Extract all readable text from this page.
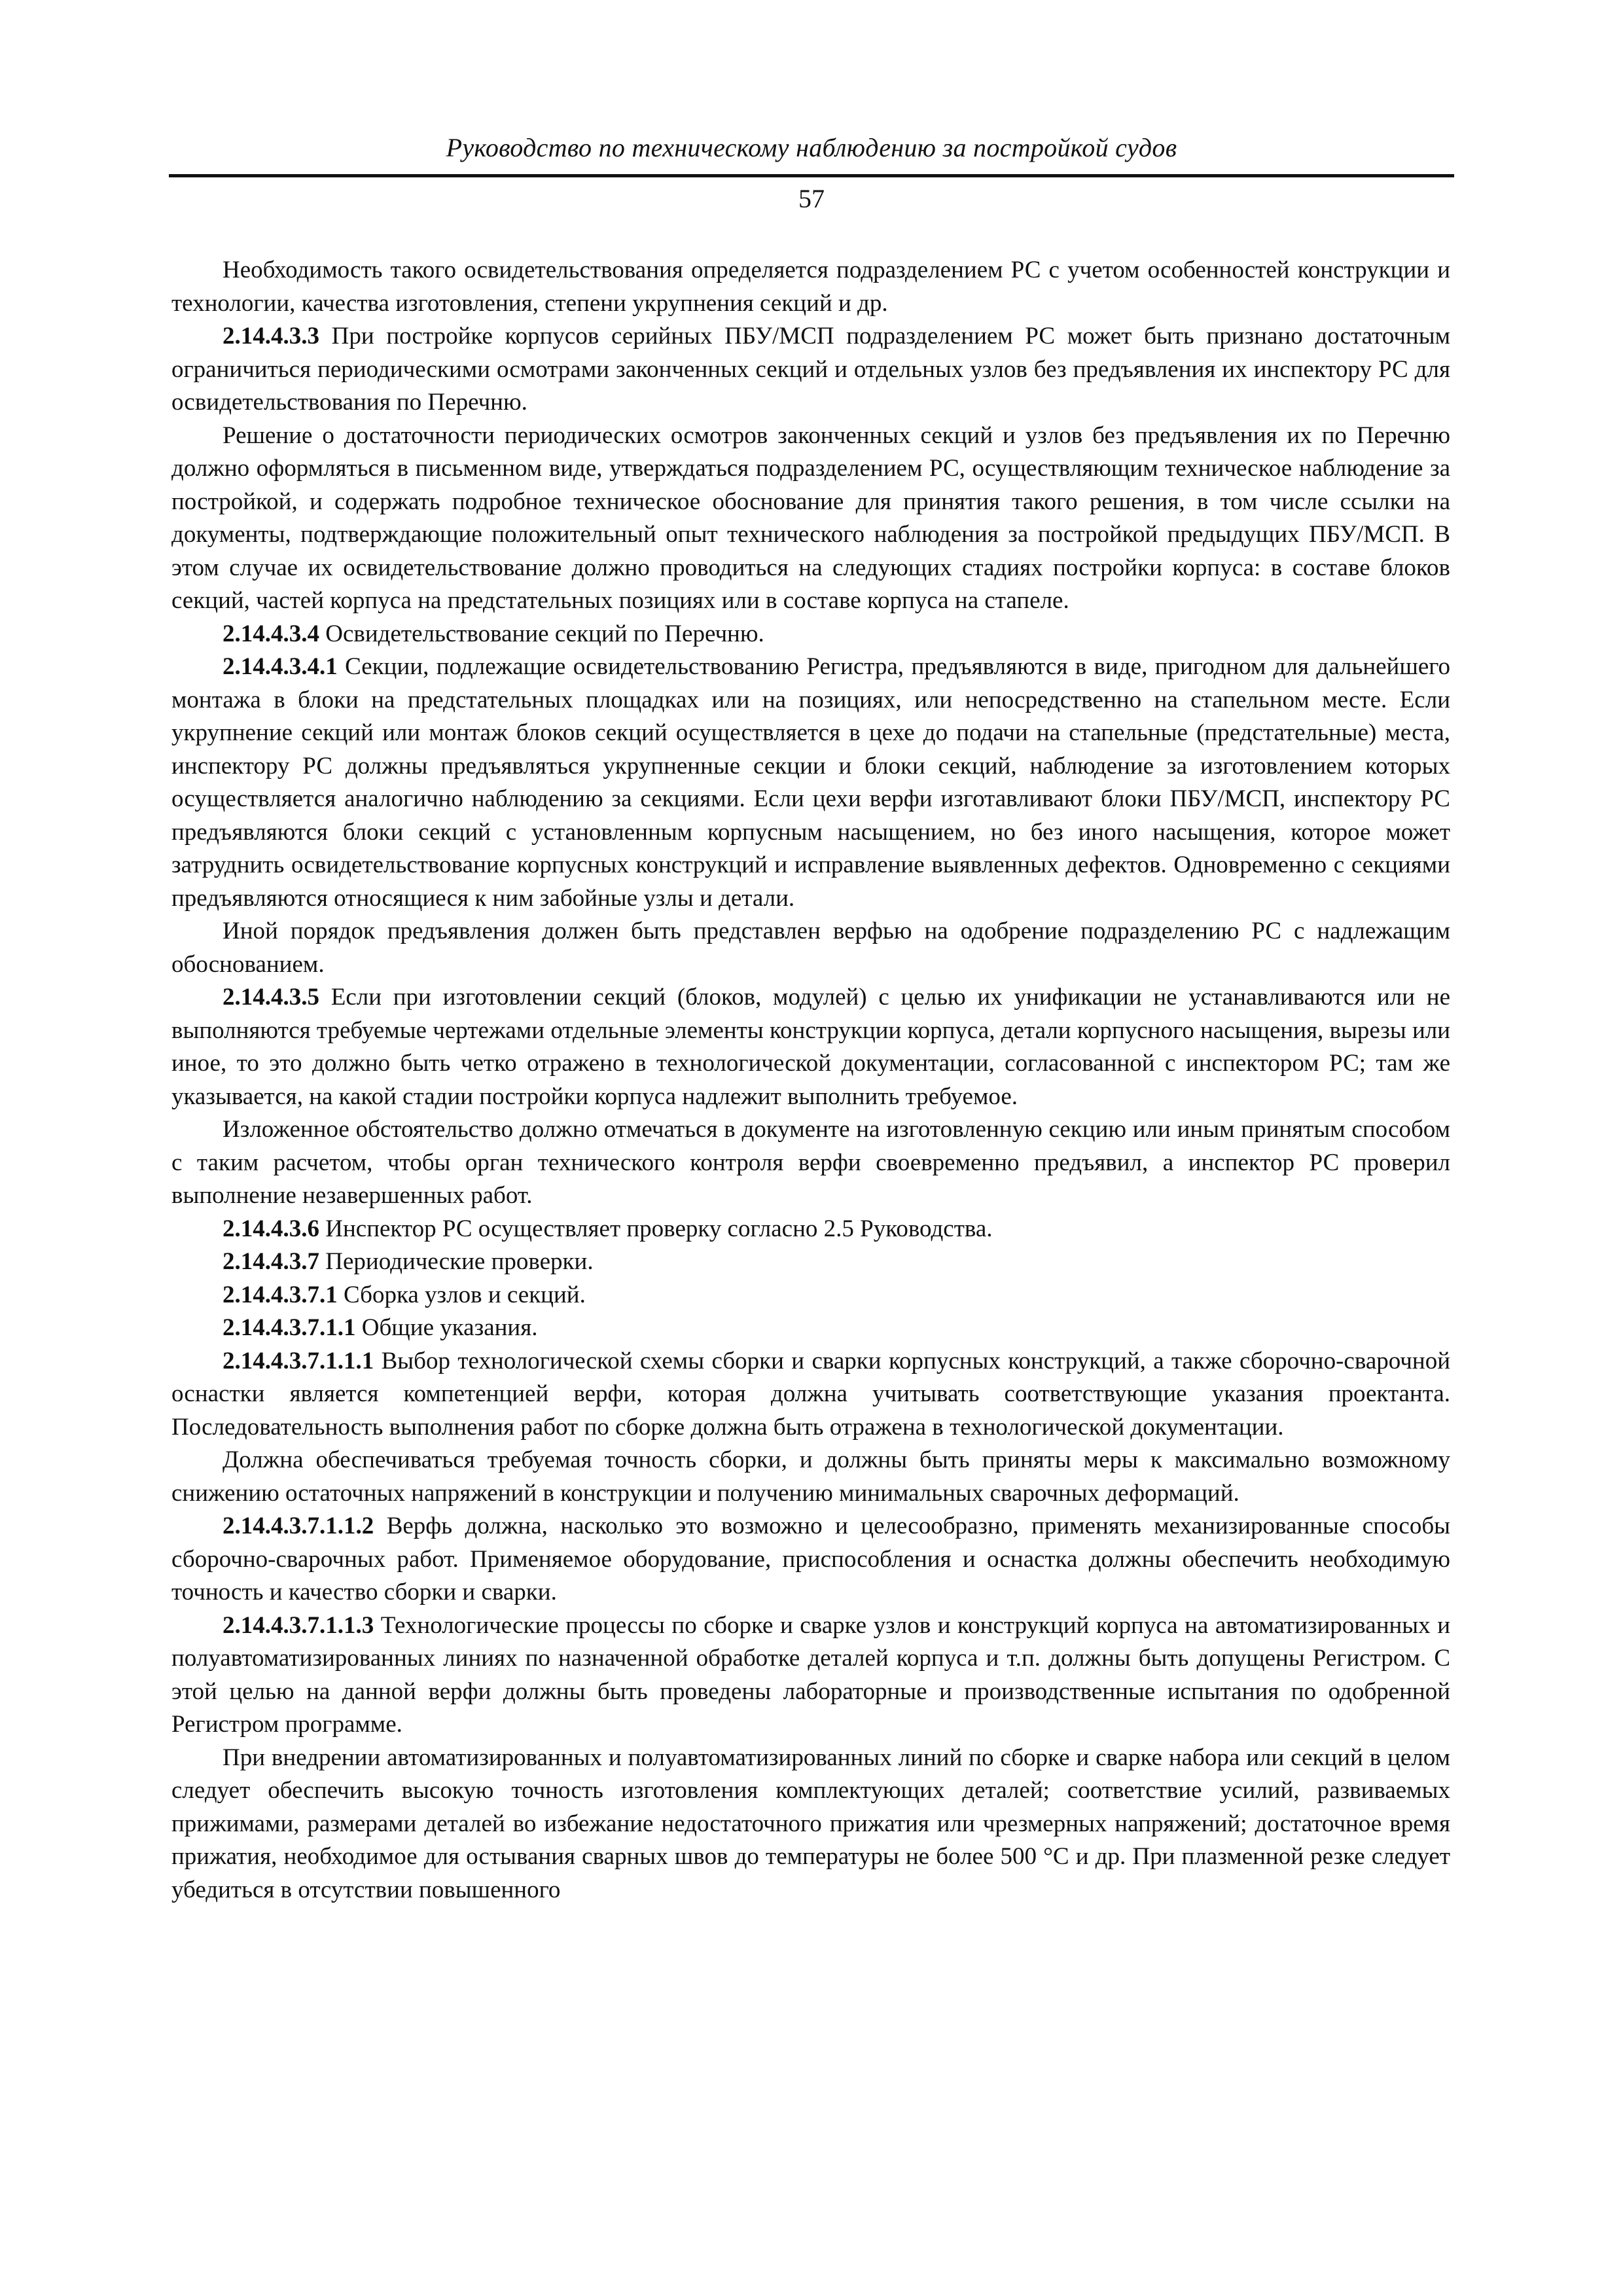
Руководство по техническому наблюдению за постройкой судов
57

Необходимость такого освидетельствования определяется подразделением РС с учетом особенностей конструкции и технологии, качества изготовления, степени укрупнения секций и др.

2.14.4.3.3 При постройке корпусов серийных ПБУ/МСП подразделением РС может быть признано достаточным ограничиться периодическими осмотрами законченных секций и отдельных узлов без предъявления их инспектору РС для освидетельствования по Перечню.

Решение о достаточности периодических осмотров законченных секций и узлов без предъявления их по Перечню должно оформляться в письменном виде, утверждаться подразделением РС, осуществляющим техническое наблюдение за постройкой, и содержать подробное техническое обоснование для принятия такого решения, в том числе ссылки на документы, подтверждающие положительный опыт технического наблюдения за постройкой предыдущих ПБУ/МСП. В этом случае их освидетельствование должно проводиться на следующих стадиях постройки корпуса: в составе блоков секций, частей корпуса на предстательных позициях или в составе корпуса на стапеле.

2.14.4.3.4 Освидетельствование секций по Перечню.

2.14.4.3.4.1 Секции, подлежащие освидетельствованию Регистра, предъявляются в виде, пригодном для дальнейшего монтажа в блоки на предстательных площадках или на позициях, или непосредственно на стапельном месте. Если укрупнение секций или монтаж блоков секций осуществляется в цехе до подачи на стапельные (предстательные) места, инспектору РС должны предъявляться укрупненные секции и блоки секций, наблюдение за изготовлением которых осуществляется аналогично наблюдению за секциями. Если цехи верфи изготавливают блоки ПБУ/МСП, инспектору РС предъявляются блоки секций с установленным корпусным насыщением, но без иного насыщения, которое может затруднить освидетельствование корпусных конструкций и исправление выявленных дефектов. Одновременно с секциями предъявляются относящиеся к ним забойные узлы и детали.

Иной порядок предъявления должен быть представлен верфью на одобрение подразделению РС с надлежащим обоснованием.

2.14.4.3.5 Если при изготовлении секций (блоков, модулей) с целью их унификации не устанавливаются или не выполняются требуемые чертежами отдельные элементы конструкции корпуса, детали корпусного насыщения, вырезы или иное, то это должно быть четко отражено в технологической документации, согласованной с инспектором РС; там же указывается, на какой стадии постройки корпуса надлежит выполнить требуемое.

Изложенное обстоятельство должно отмечаться в документе на изготовленную секцию или иным принятым способом с таким расчетом, чтобы орган технического контроля верфи своевременно предъявил, а инспектор РС проверил выполнение незавершенных работ.

2.14.4.3.6 Инспектор РС осуществляет проверку согласно 2.5 Руководства.

2.14.4.3.7 Периодические проверки.

2.14.4.3.7.1 Сборка узлов и секций.

2.14.4.3.7.1.1 Общие указания.

2.14.4.3.7.1.1.1 Выбор технологической схемы сборки и сварки корпусных конструкций, а также сборочно-сварочной оснастки является компетенцией верфи, которая должна учитывать соответствующие указания проектанта. Последовательность выполнения работ по сборке должна быть отражена в технологической документации.

Должна обеспечиваться требуемая точность сборки, и должны быть приняты меры к максимально возможному снижению остаточных напряжений в конструкции и получению минимальных сварочных деформаций.

2.14.4.3.7.1.1.2 Верфь должна, насколько это возможно и целесообразно, применять механизированные способы сборочно-сварочных работ. Применяемое оборудование, приспособления и оснастка должны обеспечить необходимую точность и качество сборки и сварки.

2.14.4.3.7.1.1.3 Технологические процессы по сборке и сварке узлов и конструкций корпуса на автоматизированных и полуавтоматизированных линиях по назначенной обработке деталей корпуса и т.п. должны быть допущены Регистром. С этой целью на данной верфи должны быть проведены лабораторные и производственные испытания по одобренной Регистром программе.

При внедрении автоматизированных и полуавтоматизированных линий по сборке и сварке набора или секций в целом следует обеспечить высокую точность изготовления комплектующих деталей; соответствие усилий, развиваемых прижимами, размерами деталей во избежание недостаточного прижатия или чрезмерных напряжений; достаточное время прижатия, необходимое для остывания сварных швов до температуры не более 500 °C и др. При плазменной резке следует убедиться в отсутствии повышенного
